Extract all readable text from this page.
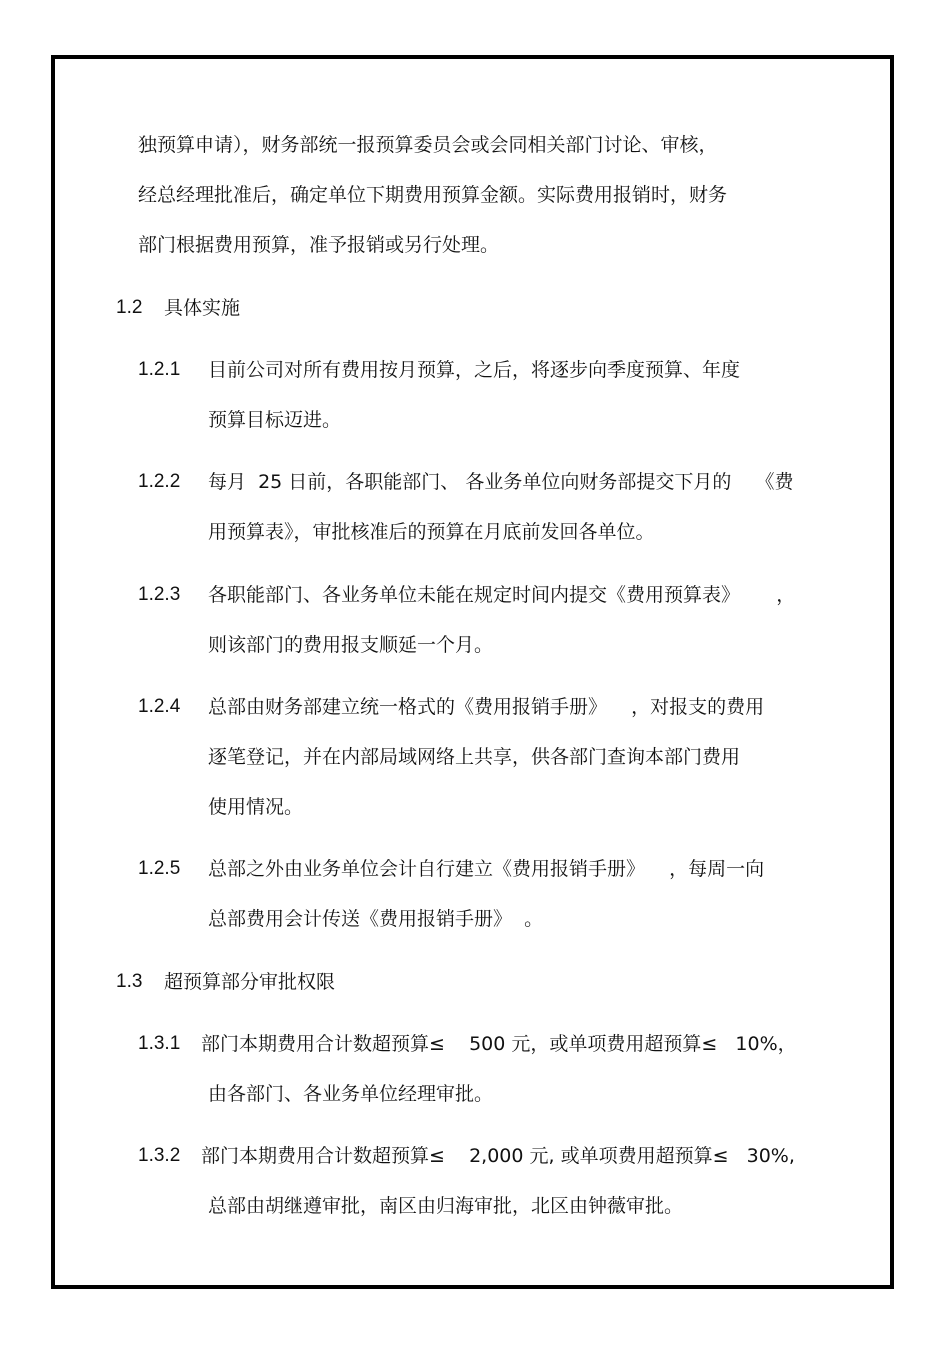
独预算申请），财务部统一报预算委员会或会同相关部门讨论、审核，
经总经理批准后，确定单位下期费用预算金额。实际费用报销时，财务
部门根据费用预算，准予报销或另行处理。
1.2 具体实施
1.2.1 目前公司对所有费用按月预算，之后，将逐步向季度预算、年度
预算目标迈进。
1.2.2 每月  25 日前，各职能部门、 各业务单位向财务部提交下月的    《费
用预算表》，审批核准后的预算在月底前发回各单位。
1.2.3 各职能部门、各业务单位未能在规定时间内提交《费用预算表》      ，
则该部门的费用报支顺延一个月。
1.2.4 总部由财务部建立统一格式的《费用报销手册》    ，对报支的费用
逐笔登记，并在内部局域网络上共享，供各部门查询本部门费用
使用情况。
1.2.5 总部之外由业务单位会计自行建立《费用报销手册》    ，每周一向
总部费用会计传送《费用报销手册》  。
1.3 超预算部分审批权限
1.3.1 部门本期费用合计数超预算≤    500 元，或单项费用超预算≤   10%，
由各部门、各业务单位经理审批。
1.3.2 部门本期费用合计数超预算≤    2,000 元, 或单项费用超预算≤   30%,
总部由胡继遵审批，南区由归海审批，北区由钟薇审批。
